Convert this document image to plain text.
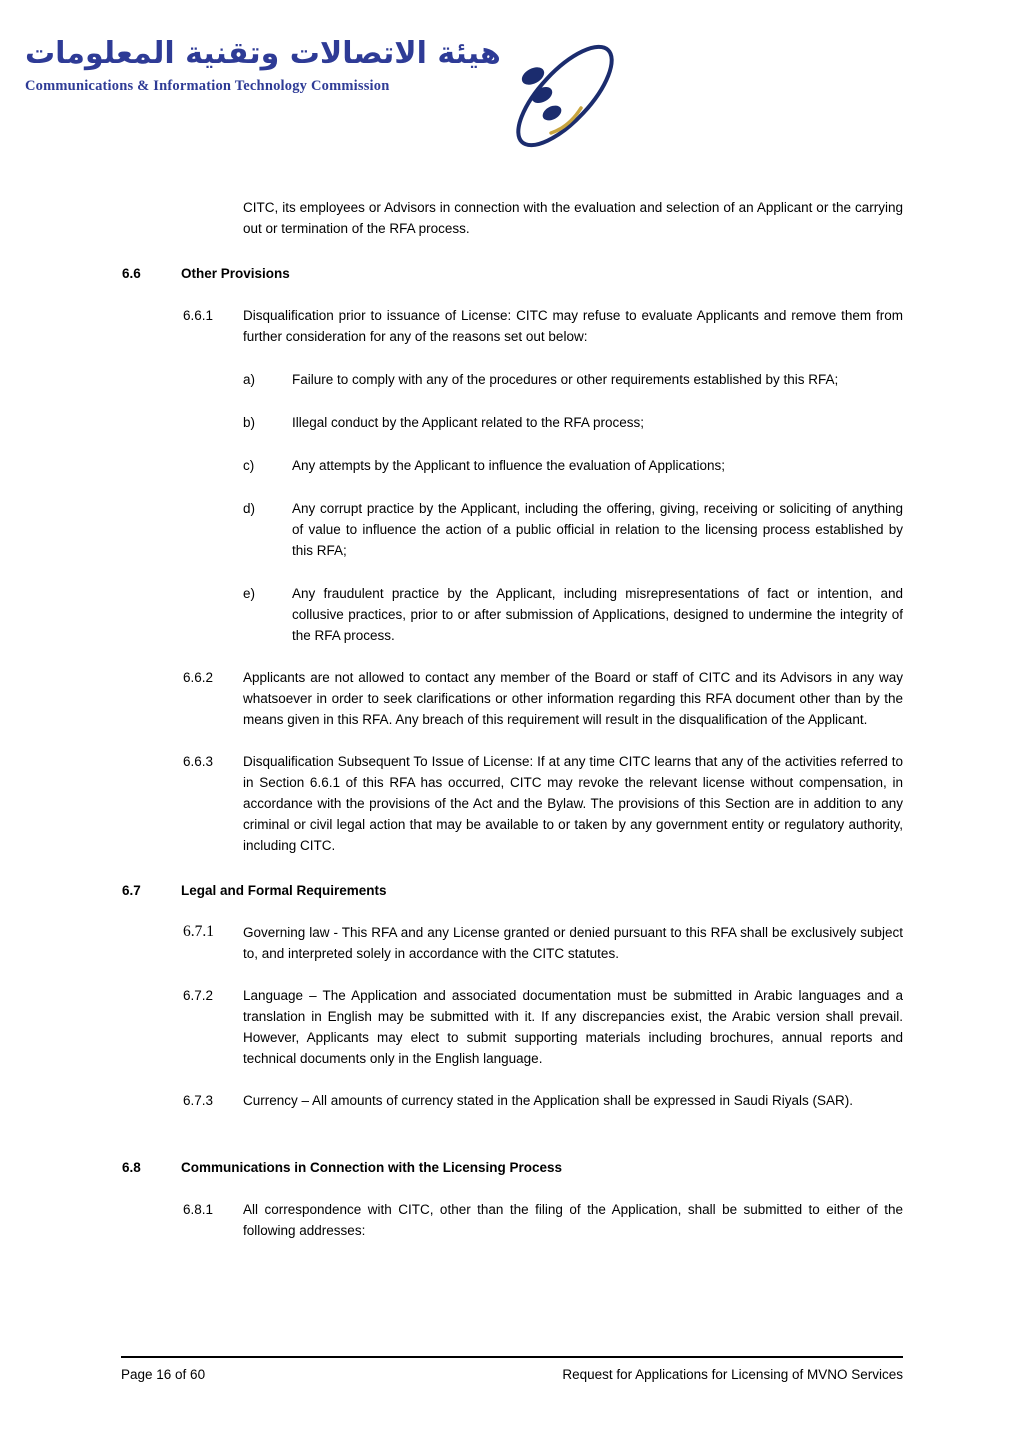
هيئة الاتصالات وتقنية المعلومات
Communications & Information Technology Commission

CITC, its employees or Advisors in connection with the evaluation and selection of an Applicant or the carrying out or termination of the RFA process.

6.6	Other Provisions
6.6.1	Disqualification prior to issuance of License: CITC may refuse to evaluate Applicants and remove them from further consideration for any of the reasons set out below:

a)	Failure to comply with any of the procedures or other requirements established by this RFA;

b)	Illegal conduct by the Applicant related to the RFA process;

c)	Any attempts by the Applicant to influence the evaluation of Applications;

d)	Any corrupt practice by the Applicant, including the offering, giving, receiving or soliciting of anything of value to influence the action of a public official in relation to the licensing process established by this RFA;

e)	Any fraudulent practice by the Applicant, including misrepresentations of fact or intention, and collusive practices, prior to or after submission of Applications, designed to undermine the integrity of the RFA process.

6.6.2	Applicants are not allowed to contact any member of the Board or staff of CITC and its Advisors in any way whatsoever in order to seek clarifications or other information regarding this RFA document other than by the means given in this RFA. Any breach of this requirement will result in the disqualification of the Applicant.

6.6.3	Disqualification Subsequent To Issue of License: If at any time CITC learns that any of the activities referred to in Section 6.6.1 of this RFA has occurred, CITC may revoke the relevant license without compensation, in accordance with the provisions of the Act and the Bylaw. The provisions of this Section are in addition to any criminal or civil legal action that may be available to or taken by any government entity or regulatory authority, including CITC.

6.7	Legal and Formal Requirements
6.7.1	Governing law - This RFA and any License granted or denied pursuant to this RFA shall be exclusively subject to, and interpreted solely in accordance with the CITC statutes.

6.7.2	Language – The Application and associated documentation must be submitted in Arabic languages and a translation in English may be submitted with it. If any discrepancies exist, the Arabic version shall prevail. However, Applicants may elect to submit supporting materials including brochures, annual reports and technical documents only in the English language.

6.7.3	Currency – All amounts of currency stated in the Application shall be expressed in Saudi Riyals (SAR).

6.8	Communications in Connection with the Licensing Process
6.8.1	All correspondence with CITC, other than the filing of the Application, shall be submitted to either of the following addresses:

Page 16 of 60	Request for Applications for Licensing of MVNO Services
